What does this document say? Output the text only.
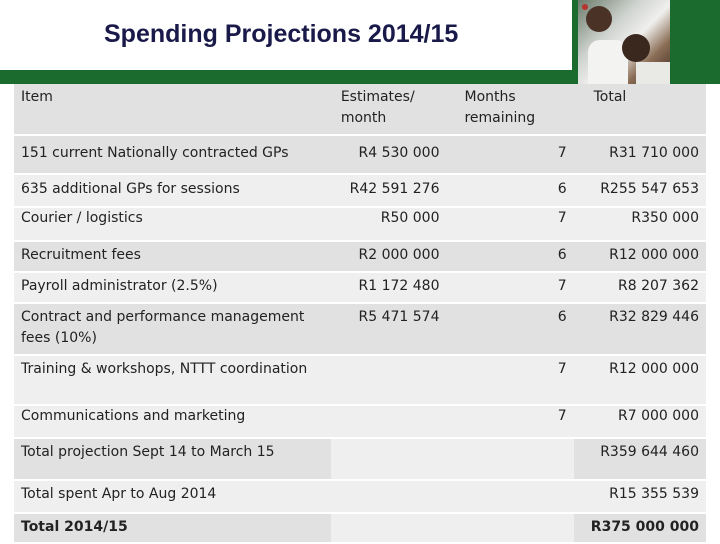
Spending Projections 2014/15
Item	Estimates/ month	Months remaining	Total
151 current Nationally contracted GPs	R4 530 000	7	R31 710 000
635 additional GPs for sessions	R42 591 276	6	R255 547 653
Courier / logistics	R50 000	7	R350 000
Recruitment fees	R2 000 000	6	R12 000 000
Payroll administrator (2.5%)	R1 172 480	7	R8 207 362
Contract and performance management fees (10%)	R5 471 574	6	R32 829 446
Training & workshops, NTTT coordination		7	R12 000 000
Communications and marketing		7	R7 000 000
Total projection Sept 14 to March 15			R359 644 460
Total spent Apr to Aug 2014			R15 355 539
Total 2014/15			R375 000 000
